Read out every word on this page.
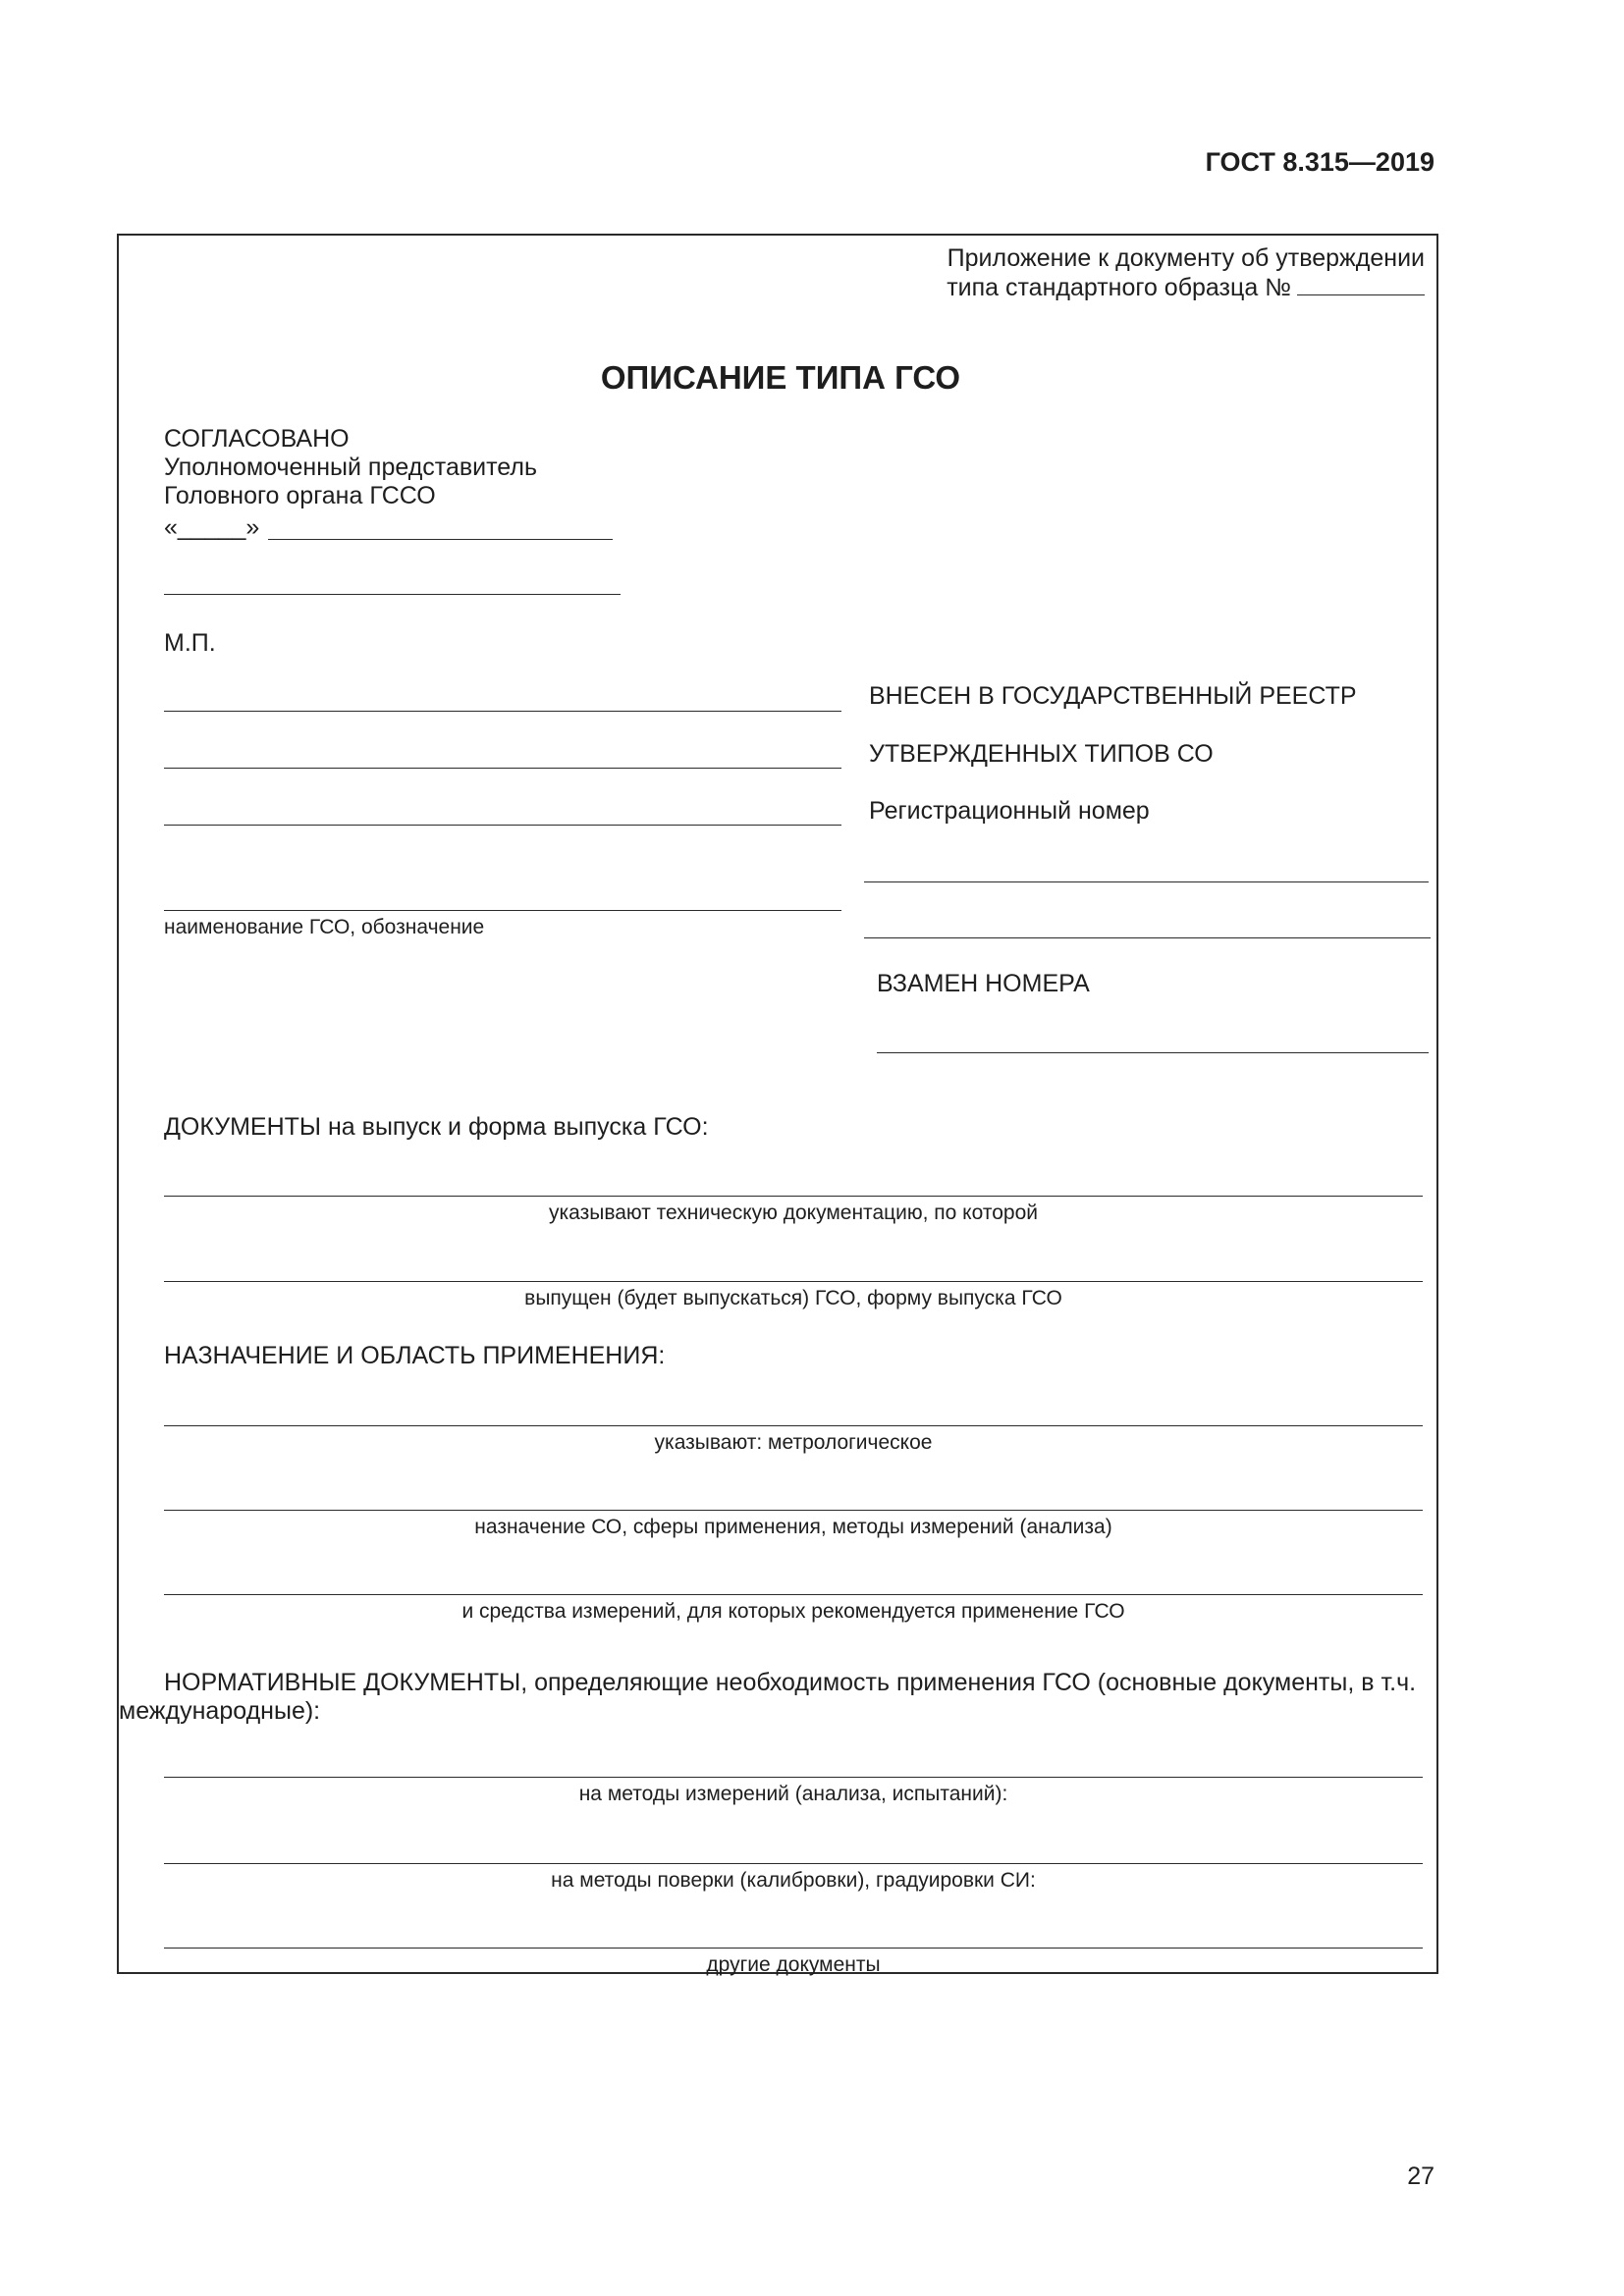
ГОСТ 8.315—2019
Приложение к документу об утверждении
типа стандартного образца №
ОПИСАНИЕ ТИПА ГСО
СОГЛАСОВАНО
Уполномоченный представитель
Головного органа ГССО
«_____»
М.П.
наименование ГСО, обозначение
ВНЕСЕН В ГОСУДАРСТВЕННЫЙ РЕЕСТР
УТВЕРЖДЕННЫХ ТИПОВ СО
Регистрационный номер
ВЗАМЕН НОМЕРА
ДОКУМЕНТЫ на выпуск и форма выпуска ГСО:
указывают техническую документацию, по которой
выпущен (будет выпускаться) ГСО, форму выпуска ГСО
НАЗНАЧЕНИЕ И ОБЛАСТЬ ПРИМЕНЕНИЯ:
указывают: метрологическое
назначение СО, сферы применения, методы измерений (анализа)
и средства измерений, для которых рекомендуется применение ГСО
НОРМАТИВНЫЕ ДОКУМЕНТЫ, определяющие необходимость применения ГСО (основные документы, в т.ч.
международные):
на методы измерений (анализа, испытаний):
на методы поверки (калибровки), градуировки СИ:
другие документы
27
